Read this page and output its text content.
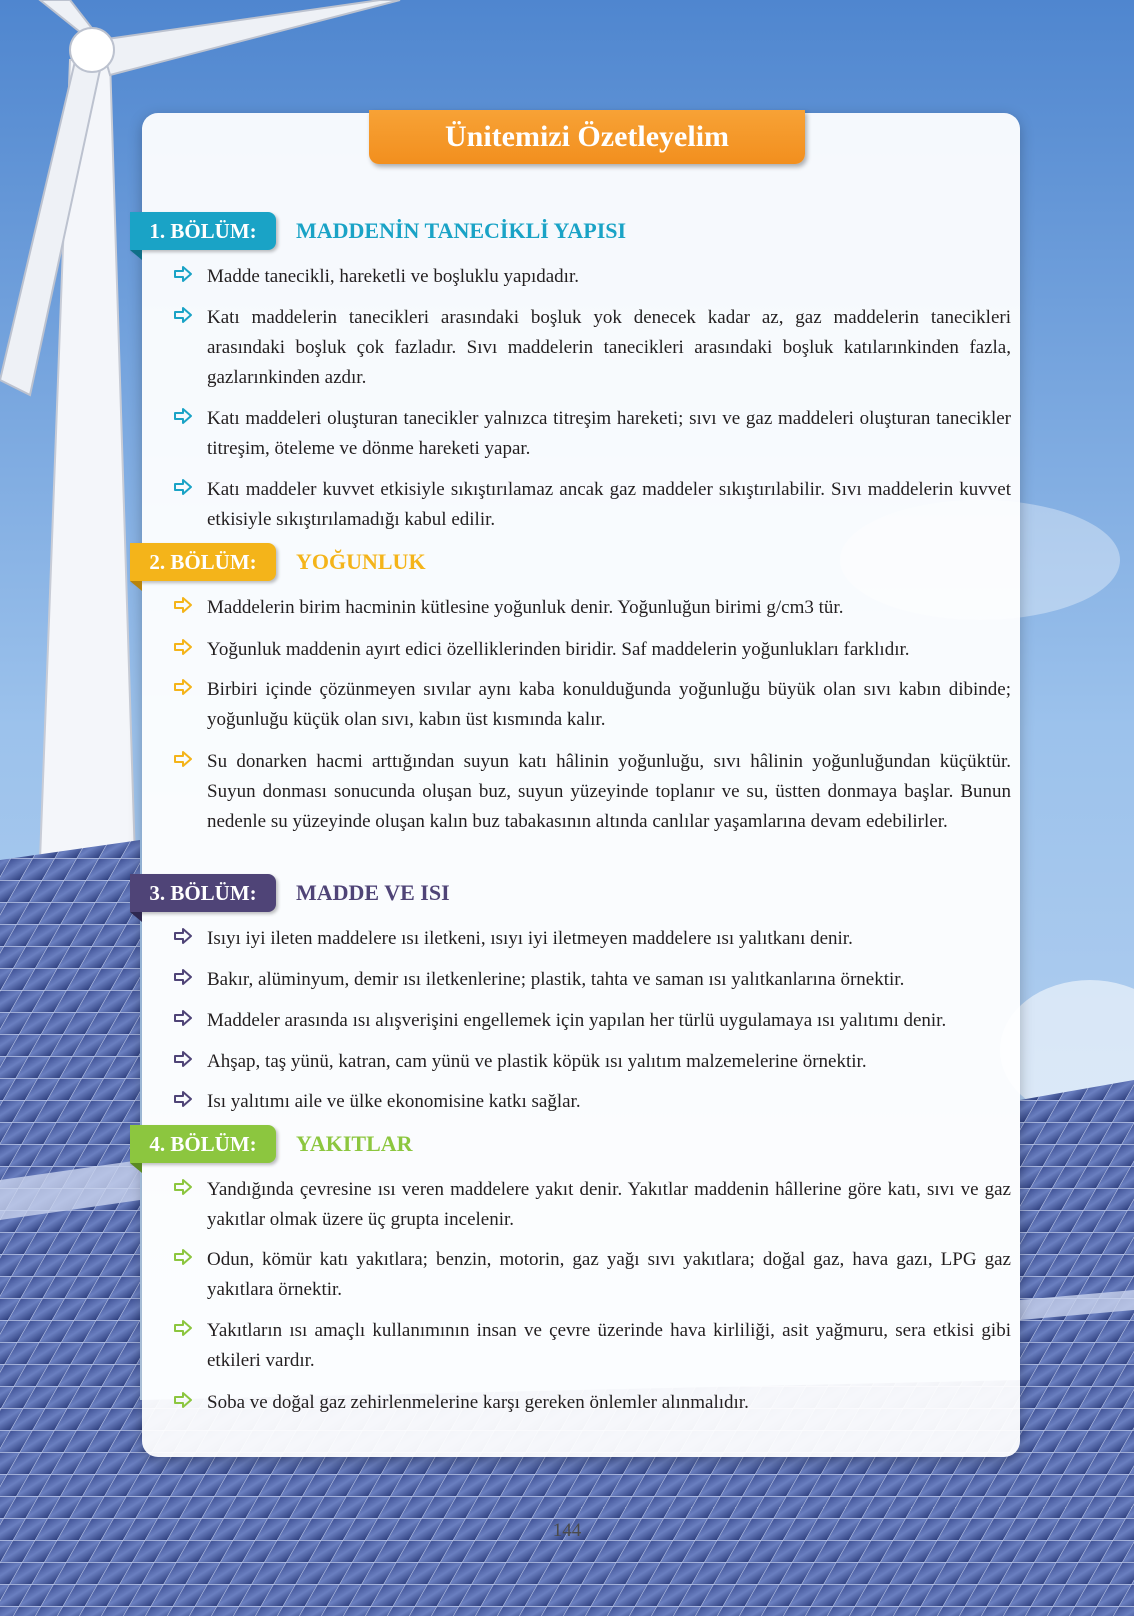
Ünitemizi Özetleyelim
1. BÖLÜM:	MADDENİN TANECİKLİ YAPISI
Madde tanecikli, hareketli ve boşluklu yapıdadır.
Katı maddelerin tanecikleri arasındaki boşluk yok denecek kadar az, gaz maddelerin tanecikleri arasındaki boşluk çok fazladır. Sıvı maddelerin tanecikleri arasındaki boşluk katılarınkinden fazla, gazlarınkinden azdır.
Katı maddeleri oluşturan tanecikler yalnızca titreşim hareketi; sıvı ve gaz maddeleri oluşturan tanecikler titreşim, öteleme ve dönme hareketi yapar.
Katı maddeler kuvvet etkisiyle sıkıştırılamaz ancak gaz maddeler sıkıştırılabilir. Sıvı maddelerin kuvvet etkisiyle sıkıştırılamadığı kabul edilir.
2. BÖLÜM:	YOĞUNLUK
Maddelerin birim hacminin kütlesine yoğunluk denir. Yoğunluğun birimi g/cm3 tür.
Yoğunluk maddenin ayırt edici özelliklerinden biridir. Saf maddelerin yoğunlukları farklıdır.
Birbiri içinde çözünmeyen sıvılar aynı kaba konulduğunda yoğunluğu büyük olan sıvı kabın dibinde; yoğunluğu küçük olan sıvı, kabın üst kısmında kalır.
Su donarken hacmi arttığından suyun katı hâlinin yoğunluğu, sıvı hâlinin yoğunluğundan küçüktür. Suyun donması sonucunda oluşan buz, suyun yüzeyinde toplanır ve su, üstten donmaya başlar. Bunun nedenle su yüzeyinde oluşan kalın buz tabakasının altında canlılar yaşamlarına devam edebilirler.
3. BÖLÜM:	MADDE VE ISI
Isıyı iyi ileten maddelere ısı iletkeni, ısıyı iyi iletmeyen maddelere ısı yalıtkanı denir.
Bakır, alüminyum, demir ısı iletkenlerine; plastik, tahta ve saman ısı yalıtkanlarına örnektir.
Maddeler arasında ısı alışverişini engellemek için yapılan her türlü uygulamaya ısı yalıtımı denir.
Ahşap, taş yünü, katran, cam yünü ve plastik köpük ısı yalıtım malzemelerine örnektir.
Isı yalıtımı aile ve ülke ekonomisine katkı sağlar.
4. BÖLÜM:	YAKITLAR
Yandığında çevresine ısı veren maddelere yakıt denir. Yakıtlar maddenin hâllerine göre katı, sıvı ve gaz yakıtlar olmak üzere üç grupta incelenir.
Odun, kömür katı yakıtlara; benzin, motorin, gaz yağı sıvı yakıtlara; doğal gaz, hava gazı, LPG gaz yakıtlara örnektir.
Yakıtların ısı amaçlı kullanımının insan ve çevre üzerinde hava kirliliği, asit yağmuru, sera etkisi gibi etkileri vardır.
Soba ve doğal gaz zehirlenmelerine karşı gereken önlemler alınmalıdır.
144
